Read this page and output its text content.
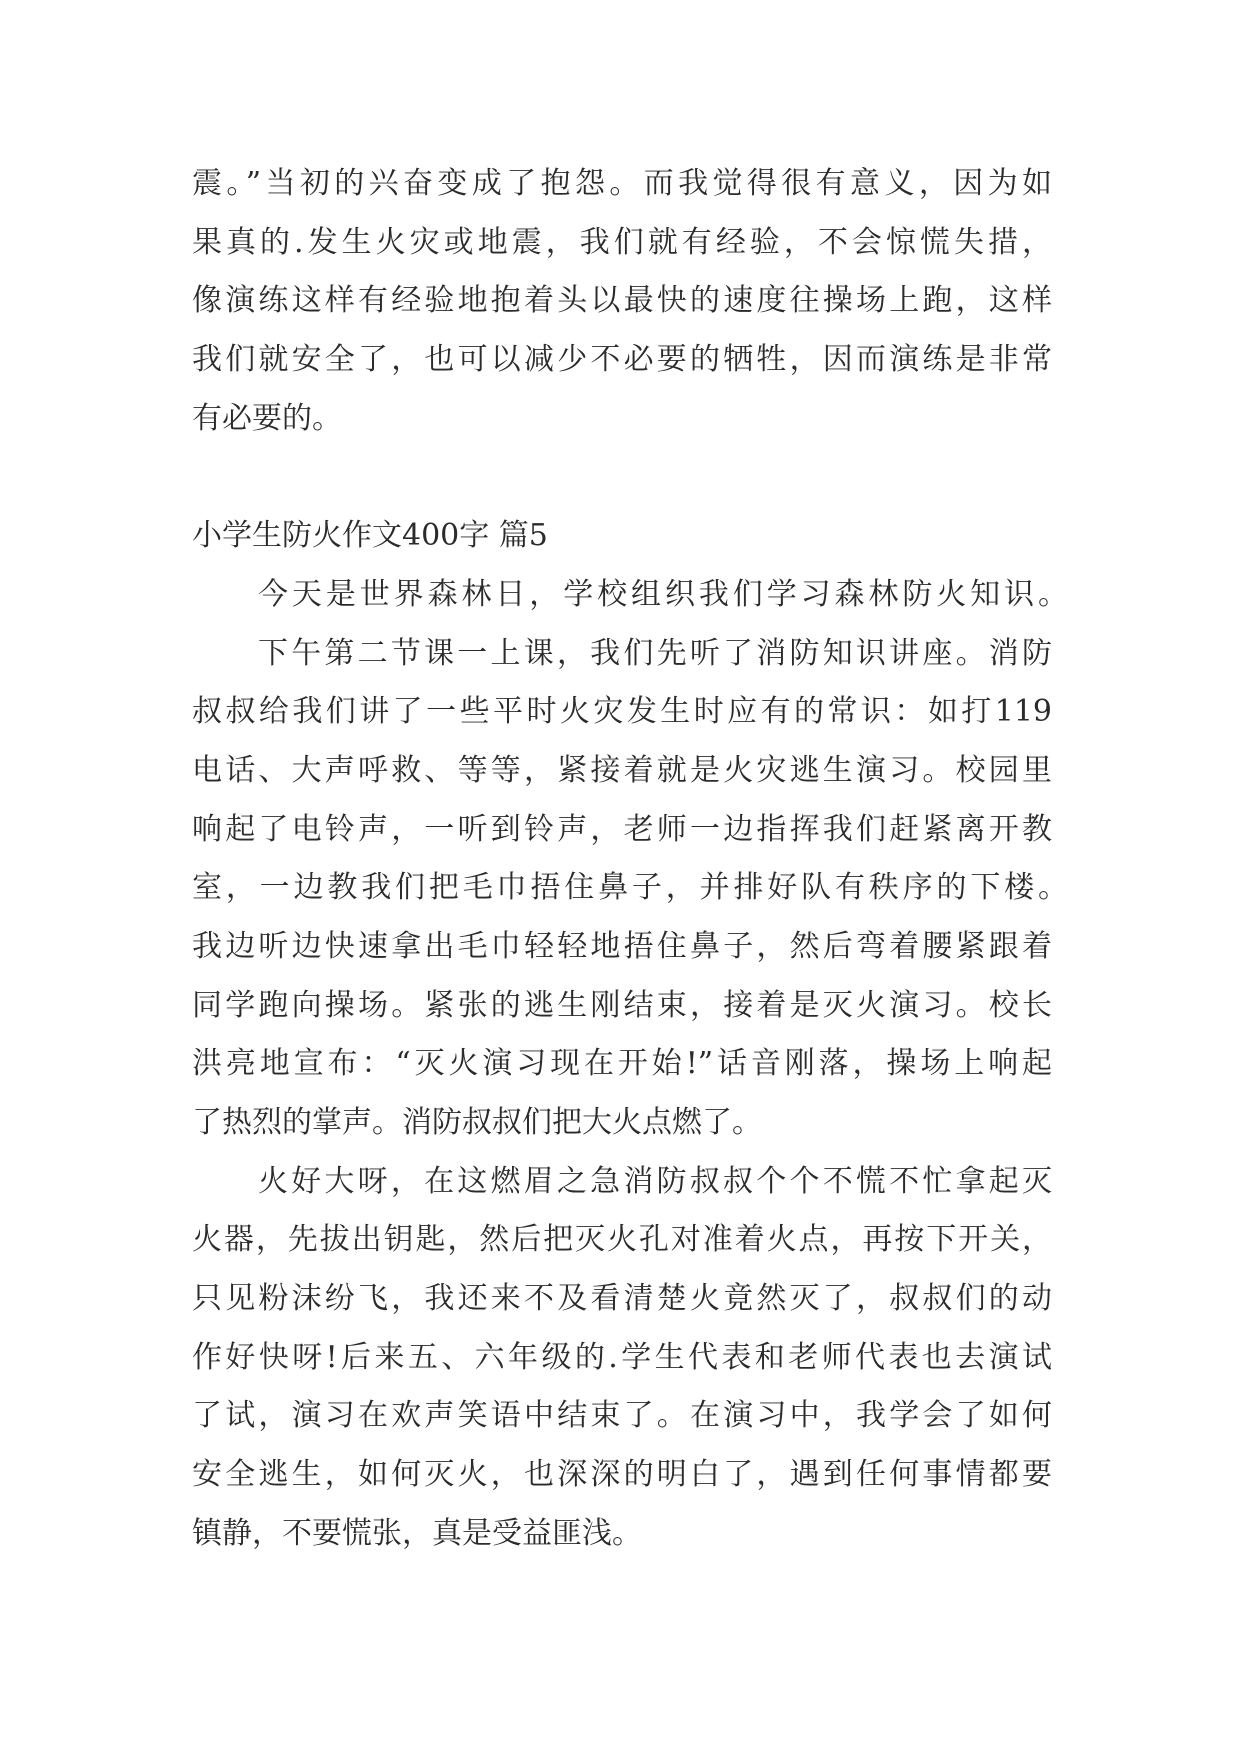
震。”当初的兴奋变成了抱怨。而我觉得很有意义，因为如
果真的.发生火灾或地震，我们就有经验，不会惊慌失措，
像演练这样有经验地抱着头以最快的速度往操场上跑，这样
我们就安全了，也可以减少不必要的牺牲，因而演练是非常
有必要的。
小学生防火作文400字 篇5
今天是世界森林日，学校组织我们学习森林防火知识。
下午第二节课一上课，我们先听了消防知识讲座。消防
叔叔给我们讲了一些平时火灾发生时应有的常识：如打119
电话、大声呼救、等等，紧接着就是火灾逃生演习。校园里
响起了电铃声，一听到铃声，老师一边指挥我们赶紧离开教
室，一边教我们把毛巾捂住鼻子，并排好队有秩序的下楼。
我边听边快速拿出毛巾轻轻地捂住鼻子，然后弯着腰紧跟着
同学跑向操场。紧张的逃生刚结束，接着是灭火演习。校长
洪亮地宣布：“灭火演习现在开始!”话音刚落，操场上响起
了热烈的掌声。消防叔叔们把大火点燃了。
火好大呀，在这燃眉之急消防叔叔个个不慌不忙拿起灭
火器，先拔出钥匙，然后把灭火孔对准着火点，再按下开关，
只见粉沫纷飞，我还来不及看清楚火竟然灭了，叔叔们的动
作好快呀!后来五、六年级的.学生代表和老师代表也去演试
了试，演习在欢声笑语中结束了。在演习中，我学会了如何
安全逃生，如何灭火，也深深的明白了，遇到任何事情都要
镇静，不要慌张，真是受益匪浅。
